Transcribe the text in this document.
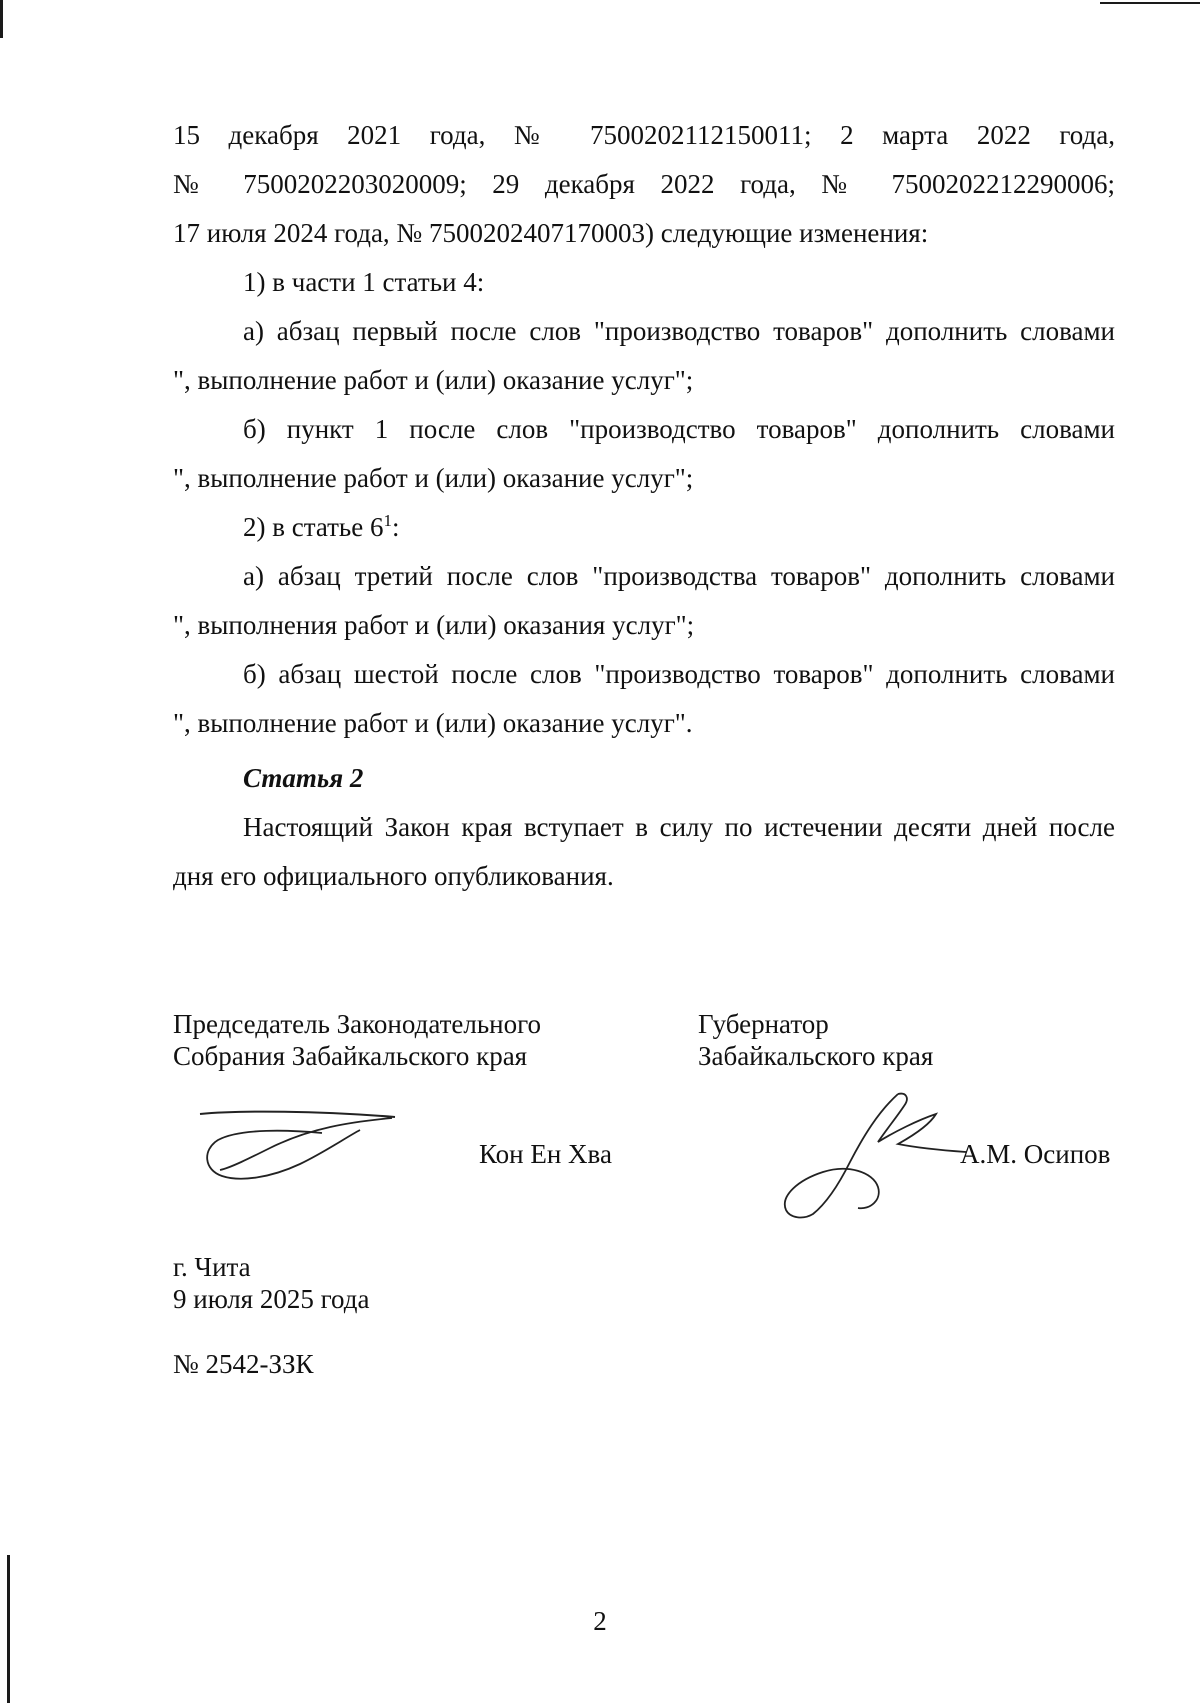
15 декабря 2021 года, № 7500202112150011; 2 марта 2022 года,
№ 7500202203020009; 29 декабря 2022 года, № 7500202212290006;
17 июля 2024 года, № 7500202407170003) следующие изменения:
1) в части 1 статьи 4:
а) абзац первый после слов "производство товаров" дополнить словами
", выполнение работ и (или) оказание услуг";
б) пункт 1 после слов "производство товаров" дополнить словами
", выполнение работ и (или) оказание услуг";
2) в статье $6^1$:
а) абзац третий после слов "производства товаров" дополнить словами
", выполнения работ и (или) оказания услуг";
б) абзац шестой после слов "производство товаров" дополнить словами
", выполнение работ и (или) оказание услуг".
Статья 2
Настоящий Закон края вступает в силу по истечении десяти дней после
дня его официального опубликования.
Председатель Законодательного
Собрания Забайкальского края
Кон Ен Хва
Губернатор
Забайкальского края
А.М. Осипов
г. Чита
9 июля 2025 года
№ 2542-ЗЗК
2
